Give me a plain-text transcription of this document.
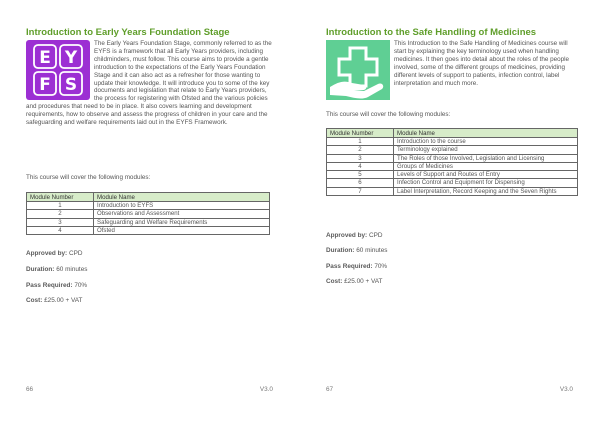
Introduction to Early Years Foundation Stage
E Y
F S

The Early Years Foundation Stage, commonly referred to as the EYFS is a framework that all Early Years providers, including childminders, must follow. This course aims to provide a gentle introduction to the expectations of the Early Years Foundation Stage and it can also act as a refresher for those wanting to update their knowledge. It will introduce you to some of the key documents and legislation that relate to Early Years providers, the process for registering with Ofsted and the various policies and procedures that need to be in place. It also covers learning and development requirements, how to observe and assess the progress of children in your care and the safeguarding and welfare requirements laid out in the EYFS Framework.

This course will cover the following modules:
Module Number	Module Name
1	Introduction to EYFS
2	Observations and Assessment
3	Safeguarding and Welfare Requirements
4	Ofsted
Approved by: CPD
Duration: 60 minutes
Pass Required: 70%
Cost: £25.00 + VAT
66	V3.0
Introduction to the Safe Handling of Medicines

This Introduction to the Safe Handling of Medicines course will start by explaining the key terminology used when handling medicines. It then goes into detail about the roles of the people involved, some of the different groups of medicines, providing different levels of support to patients, infection control, label interpretation and much more.

This course will cover the following modules:
Module Number	Module Name
1	Introduction to the course
2	Terminology explained
3	The Roles of those Involved, Legislation and Licensing
4	Groups of Medicines
5	Levels of Support and Routes of Entry
6	Infection Control and Equipment for Dispensing
7	Label Interpretation, Record Keeping and the Seven Rights
Approved by: CPD
Duration: 60 minutes
Pass Required: 70%
Cost: £25.00 + VAT
67	V3.0
